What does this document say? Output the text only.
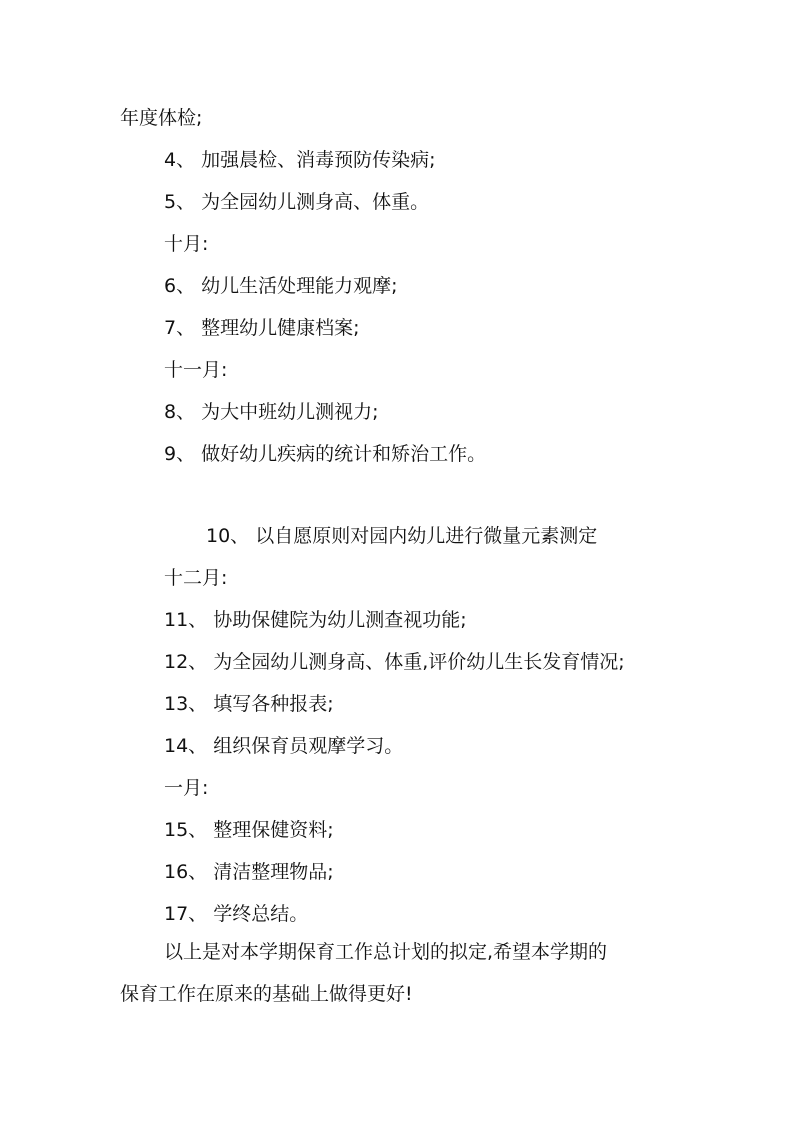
年度体检;

4、 加强晨检、消毒预防传染病;

5、 为全园幼儿测身高、体重。

十月:

6、 幼儿生活处理能力观摩;

7、 整理幼儿健康档案;

十一月:

8、 为大中班幼儿测视力;

9、 做好幼儿疾病的统计和矫治工作。

10、 以自愿原则对园内幼儿进行微量元素测定

十二月:

11、 协助保健院为幼儿测查视功能;

12、 为全园幼儿测身高、体重,评价幼儿生长发育情况;

13、 填写各种报表;

14、 组织保育员观摩学习。

一月:

15、 整理保健资料;

16、 清洁整理物品;

17、 学终总结。

以上是对本学期保育工作总计划的拟定,希望本学期的

保育工作在原来的基础上做得更好!
